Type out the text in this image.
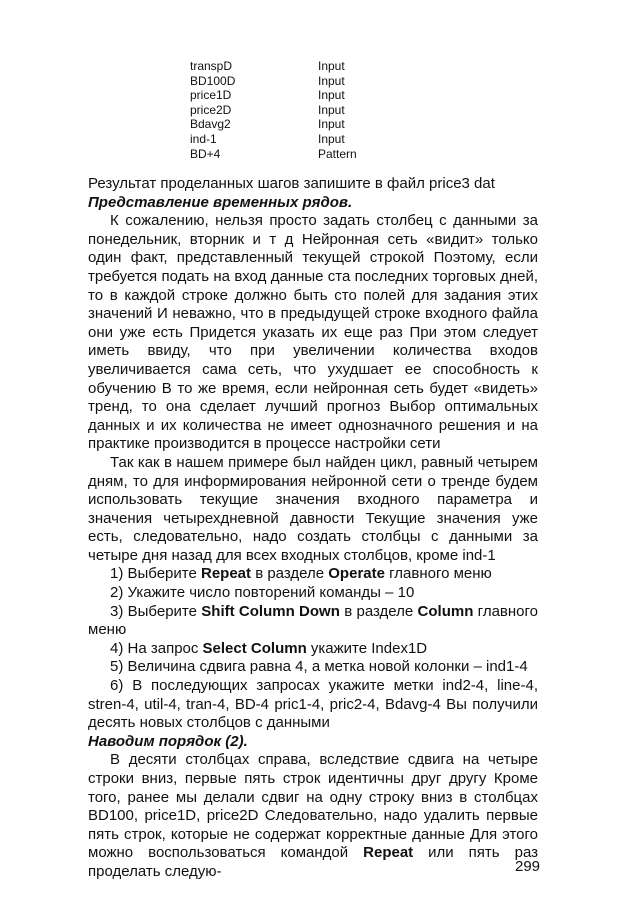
transpD	Input
BD100D	Input
price1D	Input
price2D	Input
Bdavg2	Input
ind-1	Input
BD+4	Pattern

Результат проделанных шагов запишите в файл price3 dat

Представление временных рядов.

К сожалению, нельзя просто задать столбец с данными за понедельник, вторник и т д Нейронная сеть «видит» только один факт, представленный текущей строкой Поэтому, если требуется подать на вход данные ста последних торговых дней, то в каждой строке должно быть сто полей для задания этих значений И неважно, что в предыдущей строке входного файла они уже есть Придется указать их еще раз При этом следует иметь ввиду, что при увеличении количества входов увеличивается сама сеть, что ухудшает ее способность к обучению В то же время, если нейронная сеть будет «видеть» тренд, то она сделает лучший прогноз Выбор оптимальных данных и их количества не имеет однозначного решения и на практике производится в процессе настройки сети

Так как в нашем примере был найден цикл, равный четырем дням, то для информирования нейронной сети о тренде будем использовать текущие значения входного параметра и значения четырехдневной давности Текущие значения уже есть, следовательно, надо создать столбцы с данными за четыре дня назад для всех входных столбцов, кроме ind-1

1) Выберите Repeat в разделе Operate главного меню

2) Укажите число повторений команды – 10

3) Выберите Shift Column Down в разделе Column главного меню

4) На запрос Select Column укажите Index1D

5) Величина сдвига равна 4, а метка новой колонки – ind1-4

6) В последующих запросах укажите метки ind2-4, line-4, stren-4, util-4, tran-4, BD-4 pric1-4, pric2-4, Bdavg-4 Вы получили десять новых столбцов с данными

Наводим порядок (2).

В десяти столбцах справа, вследствие сдвига на четыре строки вниз, первые пять строк идентичны друг другу Кроме того, ранее мы делали сдвиг на одну строку вниз в столбцах BD100, price1D, price2D Следовательно, надо удалить первые пять строк, которые не содержат корректные данные Для этого можно воспользоваться командой Repeat или пять раз проделать следую-	299
